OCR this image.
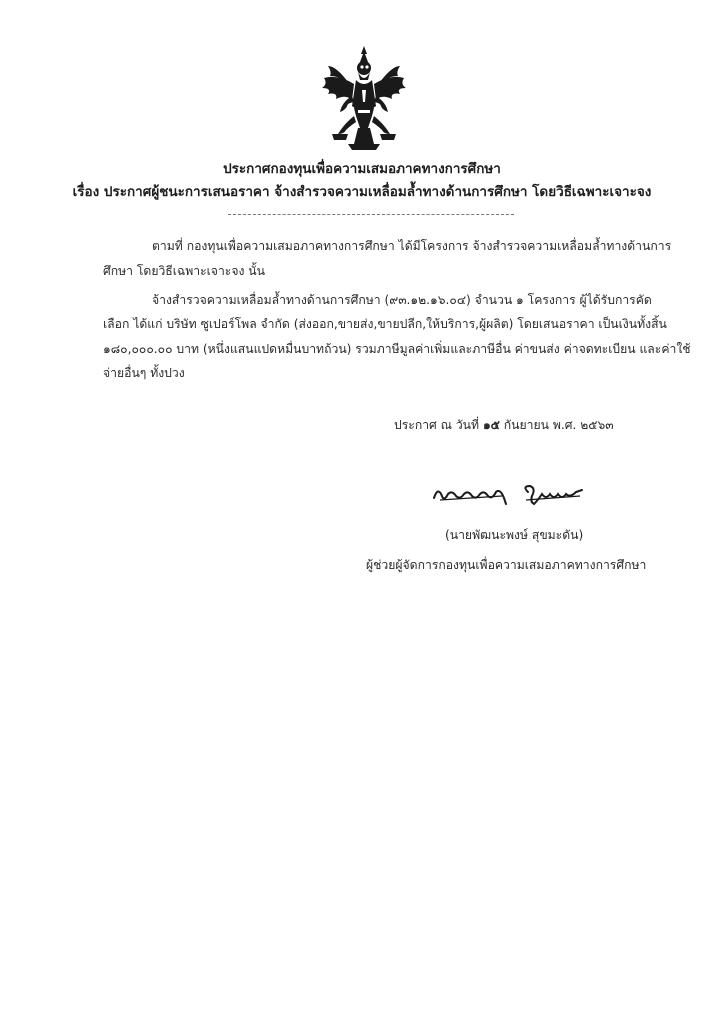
ประกาศกองทุนเพื่อความเสมอภาคทางการศึกษา
เรื่อง ประกาศผู้ชนะการเสนอราคา จ้างสำรวจความเหลื่อมล้ำทางด้านการศึกษา โดยวิธีเฉพาะเจาะจง
ตามที่ กองทุนเพื่อความเสมอภาคทางการศึกษา ได้มีโครงการ จ้างสำรวจความเหลื่อมล้ำทางด้านการ
ศึกษา โดยวิธีเฉพาะเจาะจง นั้น
จ้างสำรวจความเหลื่อมล้ำทางด้านการศึกษา (๙๓.๑๒.๑๖.๐๔) จำนวน ๑ โครงการ ผู้ได้รับการคัด
เลือก ได้แก่ บริษัท ซูเปอร์โพล จำกัด (ส่งออก,ขายส่ง,ขายปลีก,ให้บริการ,ผู้ผลิต) โดยเสนอราคา เป็นเงินทั้งสิ้น
๑๘๐,๐๐๐.๐๐ บาท (หนึ่งแสนแปดหมื่นบาทถ้วน) รวมภาษีมูลค่าเพิ่มและภาษีอื่น ค่าขนส่ง ค่าจดทะเบียน และค่าใช้
จ่ายอื่นๆ ทั้งปวง
ประกาศ ณ วันที่ ๑๕ กันยายน พ.ศ. ๒๕๖๓
(นายพัฒนะพงษ์ สุขมะดัน)
ผู้ช่วยผู้จัดการกองทุนเพื่อความเสมอภาคทางการศึกษา
